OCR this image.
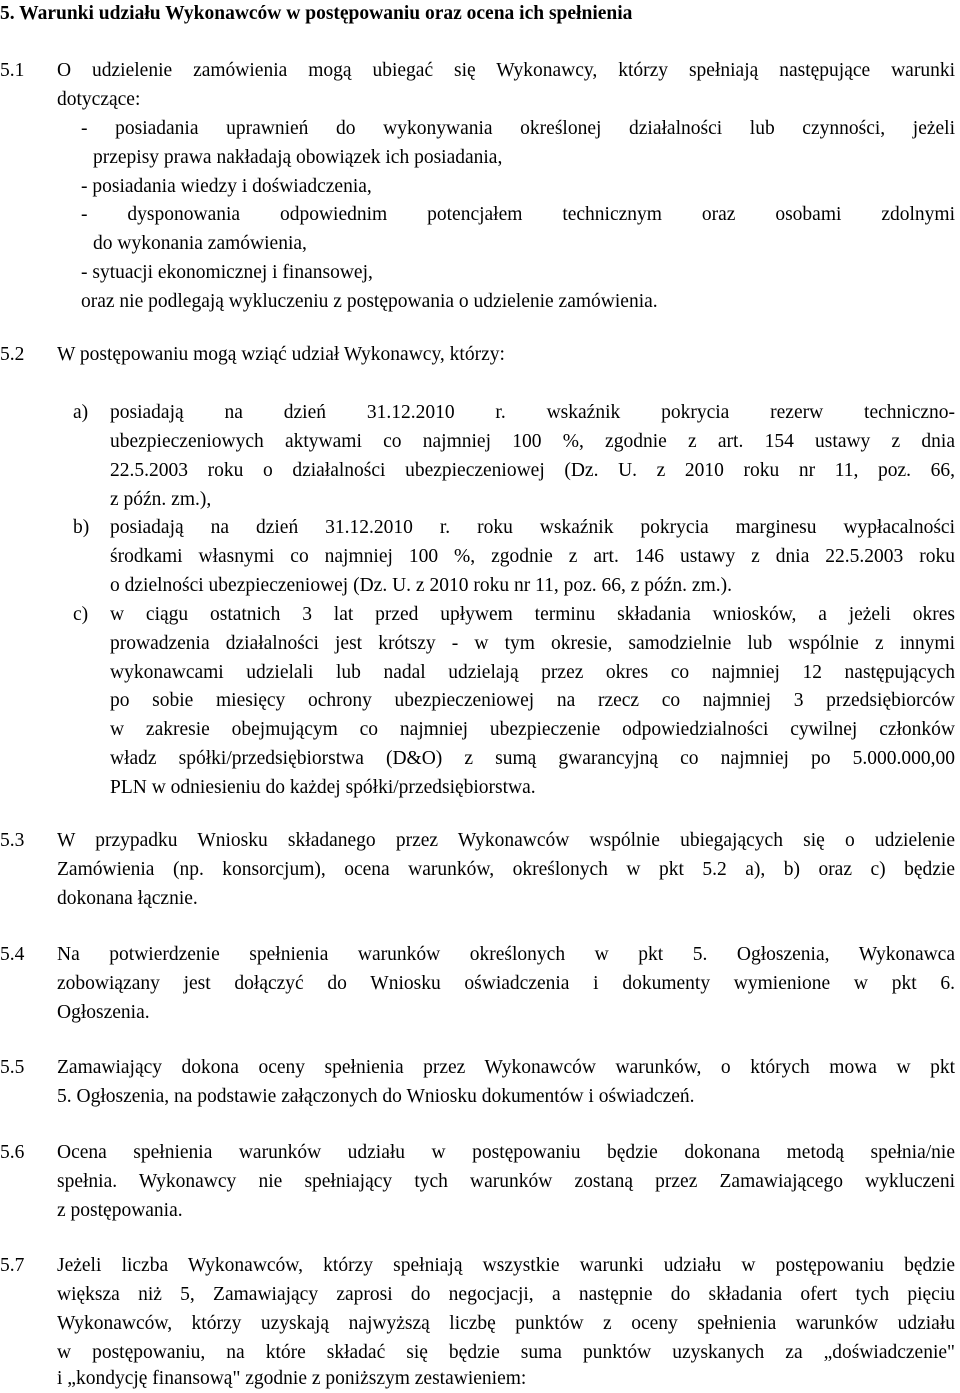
5. Warunki udziału Wykonawców w postępowaniu oraz ocena ich spełnienia
5.1 O udzielenie zamówienia mogą ubiegać się Wykonawcy, którzy spełniają następujące warunki
dotyczące:
- posiadania uprawnień do wykonywania określonej działalności lub czynności, jeżeli
przepisy prawa nakładają obowiązek ich posiadania,
- posiadania wiedzy i doświadczenia,
- dysponowania odpowiednim potencjałem technicznym oraz osobami zdolnymi
do wykonania zamówienia,
- sytuacji ekonomicznej i finansowej,
oraz nie podlegają wykluczeniu z postępowania o udzielenie zamówienia.
5.2 W postępowaniu mogą wziąć udział Wykonawcy, którzy:
a) posiadają na dzień 31.12.2010 r. wskaźnik pokrycia rezerw techniczno-
ubezpieczeniowych aktywami co najmniej 100 %, zgodnie z art. 154 ustawy z dnia
22.5.2003 roku o działalności ubezpieczeniowej (Dz. U. z 2010 roku nr 11, poz. 66,
z późn. zm.),
b) posiadają na dzień 31.12.2010 r. roku wskaźnik pokrycia marginesu wypłacalności
środkami własnymi co najmniej 100 %, zgodnie z art. 146 ustawy z dnia 22.5.2003 roku
o dzielności ubezpieczeniowej (Dz. U. z 2010 roku nr 11, poz. 66, z późn. zm.).
c) w ciągu ostatnich 3 lat przed upływem terminu składania wniosków, a jeżeli okres
prowadzenia działalności jest krótszy - w tym okresie, samodzielnie lub wspólnie z innymi
wykonawcami udzielali lub nadal udzielają przez okres co najmniej 12 następujących
po sobie miesięcy ochrony ubezpieczeniowej na rzecz co najmniej 3 przedsiębiorców
w zakresie obejmującym co najmniej ubezpieczenie odpowiedzialności cywilnej członków
władz spółki/przedsiębiorstwa (D&O) z sumą gwarancyjną co najmniej po 5.000.000,00
PLN w odniesieniu do każdej spółki/przedsiębiorstwa.
5.3 W przypadku Wniosku składanego przez Wykonawców wspólnie ubiegających się o udzielenie
Zamówienia (np. konsorcjum), ocena warunków, określonych w pkt 5.2 a), b) oraz c) będzie
dokonana łącznie.
5.4 Na potwierdzenie spełnienia warunków określonych w pkt 5. Ogłoszenia, Wykonawca
zobowiązany jest dołączyć do Wniosku oświadczenia i dokumenty wymienione w pkt 6.
Ogłoszenia.
5.5 Zamawiający dokona oceny spełnienia przez Wykonawców warunków, o których mowa w pkt
5. Ogłoszenia, na podstawie załączonych do Wniosku dokumentów i oświadczeń.
5.6 Ocena spełnienia warunków udziału w postępowaniu będzie dokonana metodą spełnia/nie
spełnia. Wykonawcy nie spełniający tych warunków zostaną przez Zamawiającego wykluczeni
z postępowania.
5.7 Jeżeli liczba Wykonawców, którzy spełniają wszystkie warunki udziału w postępowaniu będzie
większa niż 5, Zamawiający zaprosi do negocjacji, a następnie do składania ofert tych pięciu
Wykonawców, którzy uzyskają najwyższą liczbę punktów z oceny spełnienia warunków udziału
w postępowaniu, na które składać się będzie suma punktów uzyskanych za „doświadczenie"
i „kondycję finansową" zgodnie z poniższym zestawieniem:
